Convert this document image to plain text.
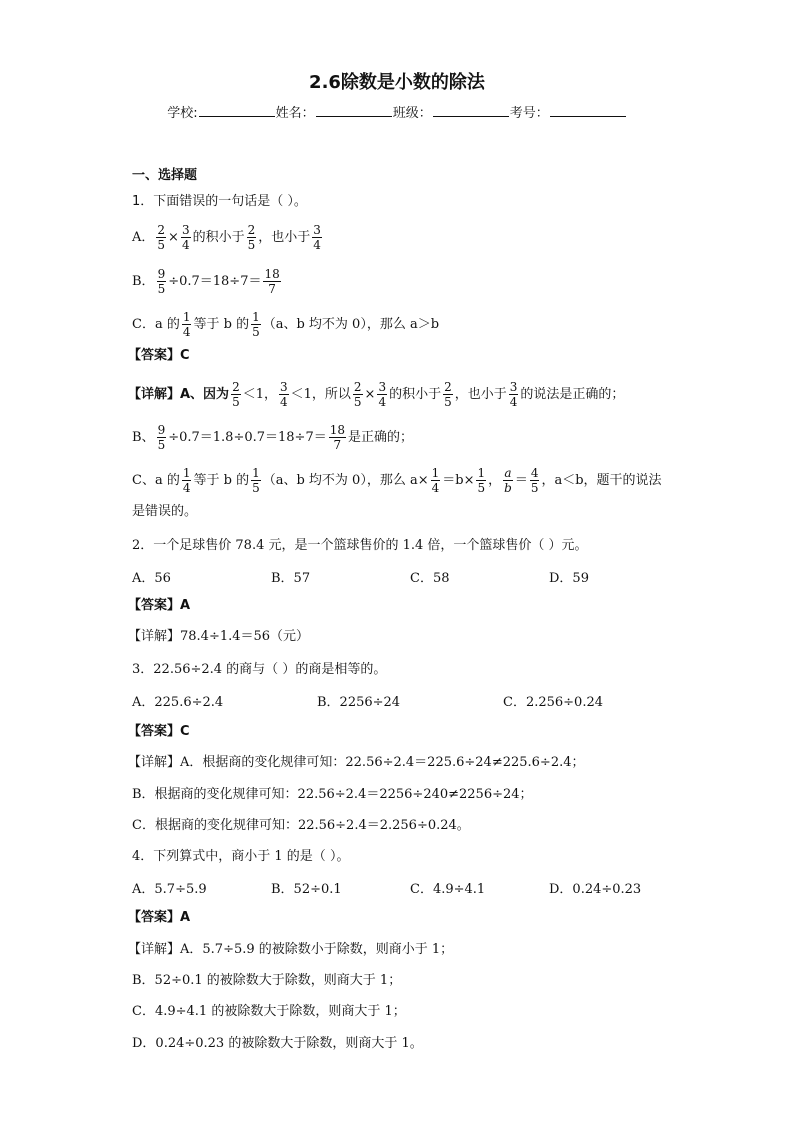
2.6除数是小数的除法
学校:	姓名：	班级：	考号：
一、选择题
1．下面错误的一句话是（ ）。
A． $\frac{2}{5} \times \frac{3}{4}$ 的积小于 $\frac{2}{5}$ ，也小于 $\frac{3}{4}$
B． $\frac{9}{5} \div 0.7=18\div 7= \frac{18}{7}$
C．a 的 $\frac{1}{4}$ 等于 b 的 $\frac{1}{5} (a$、b 均不为 0），那么 a＞b
【答案】C
【详解】A、因为 $\frac{2}{5} <1$， $\frac{3}{4} <1$，所以 $\frac{2}{5} \times \frac{3}{4}$ 的积小于 $\frac{2}{5}$ ，也小于 $\frac{3}{4}$ 的说法是正确的；
B、 $\frac{9}{5} \div 0.7=1.8\div 0.7=18\div 7= \frac{18}{7}$ 是正确的；
C、a 的 $\frac{1}{4}$ 等于 b 的 $\frac{1}{5} (a$、b 均不为 0），那么 $a\times \frac{1}{4} =b\times \frac{1}{5}$ ， $\frac{a}{b} = \frac{4}{5}$ ，a＜b，题干的说法
是错误的。
2．一个足球售价 78.4 元，是一个篮球售价的 1.4 倍，一个篮球售价（ ）元。
A．56	B．57	C．58	D．59
【答案】A
【详解】78.4÷1.4＝56（元）
3．22.56÷2.4 的商与（ ）的商是相等的。
A．225.6÷2.4	B．2256÷24	C．2.256÷0.24
【答案】C
【详解】A．根据商的变化规律可知：22.56÷2.4＝225.6÷24≠225.6÷2.4；
B．根据商的变化规律可知：22.56÷2.4＝2256÷240≠2256÷24；
C．根据商的变化规律可知：22.56÷2.4＝2.256÷0.24。
4．下列算式中，商小于 1 的是（ ）。
A．5.7÷5.9	B．52÷0.1	C．4.9÷4.1	D．0.24÷0.23
【答案】A
【详解】A．5.7÷5.9 的被除数小于除数，则商小于 1；
B．52÷0.1 的被除数大于除数，则商大于 1；
C．4.9÷4.1 的被除数大于除数，则商大于 1；
D．0.24÷0.23 的被除数大于除数，则商大于 1。
